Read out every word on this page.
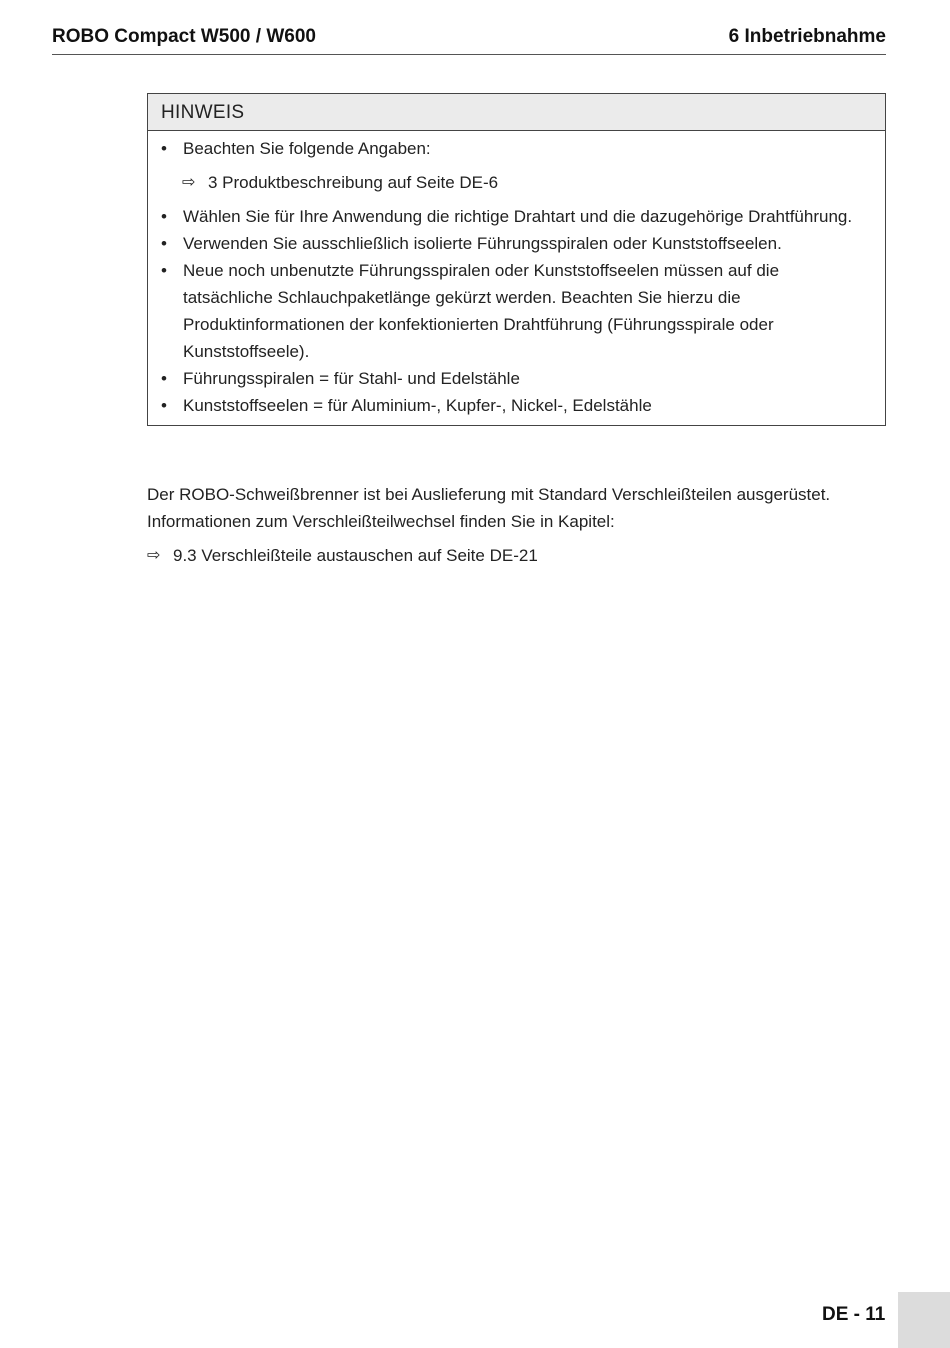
ROBO Compact W500 / W600	6 Inbetriebnahme
HINWEIS
• Beachten Sie folgende Angaben:
⇨ 3 Produktbeschreibung auf Seite DE-6
• Wählen Sie für Ihre Anwendung die richtige Drahtart und die dazugehörige Drahtführung.
• Verwenden Sie ausschließlich isolierte Führungsspiralen oder Kunststoffseelen.
• Neue noch unbenutzte Führungsspiralen oder Kunststoffseelen müssen auf die tatsächliche Schlauchpaketlänge gekürzt werden. Beachten Sie hierzu die Produktinformationen der konfektionierten Drahtführung (Führungsspirale oder Kunststoffseele).
• Führungsspiralen = für Stahl- und Edelstähle
• Kunststoffseelen = für Aluminium-, Kupfer-, Nickel-, Edelstähle
Der ROBO-Schweißbrenner ist bei Auslieferung mit Standard Verschleißteilen ausgerüstet. Informationen zum Verschleißteilwechsel finden Sie in Kapitel:
⇨ 9.3 Verschleißteile austauschen auf Seite DE-21
DE - 11
